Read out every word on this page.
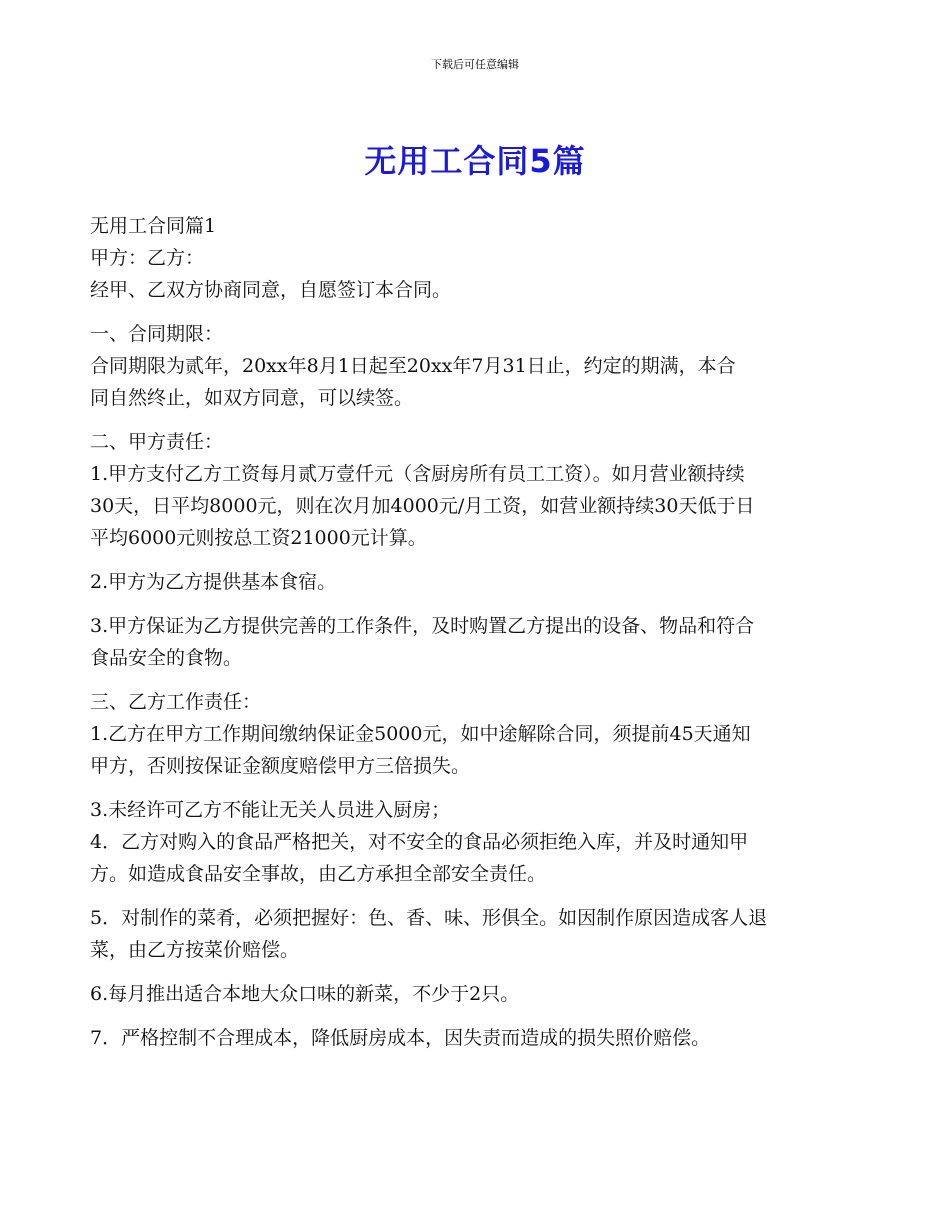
下载后可任意编辑
无用工合同5篇
无用工合同篇1
甲方：乙方：
经甲、乙双方协商同意，自愿签订本合同。
一、合同期限：
合同期限为贰年，20xx年8月1日起至20xx年7月31日止，约定的期满，本合
同自然终止，如双方同意，可以续签。
二、甲方责任：
1.甲方支付乙方工资每月贰万壹仟元（含厨房所有员工工资）。如月营业额持续
30天，日平均8000元，则在次月加4000元/月工资，如营业额持续30天低于日
平均6000元则按总工资21000元计算。
2.甲方为乙方提供基本食宿。
3.甲方保证为乙方提供完善的工作条件，及时购置乙方提出的设备、物品和符合
食品安全的食物。
三、乙方工作责任：
1.乙方在甲方工作期间缴纳保证金5000元，如中途解除合同，须提前45天通知
甲方，否则按保证金额度赔偿甲方三倍损失。
3.未经许可乙方不能让无关人员进入厨房；
4．乙方对购入的食品严格把关，对不安全的食品必须拒绝入库，并及时通知甲
方。如造成食品安全事故，由乙方承担全部安全责任。
5．对制作的菜肴，必须把握好：色、香、味、形俱全。如因制作原因造成客人退
菜，由乙方按菜价赔偿。
6.每月推出适合本地大众口味的新菜，不少于2只。
7．严格控制不合理成本，降低厨房成本，因失责而造成的损失照价赔偿。
